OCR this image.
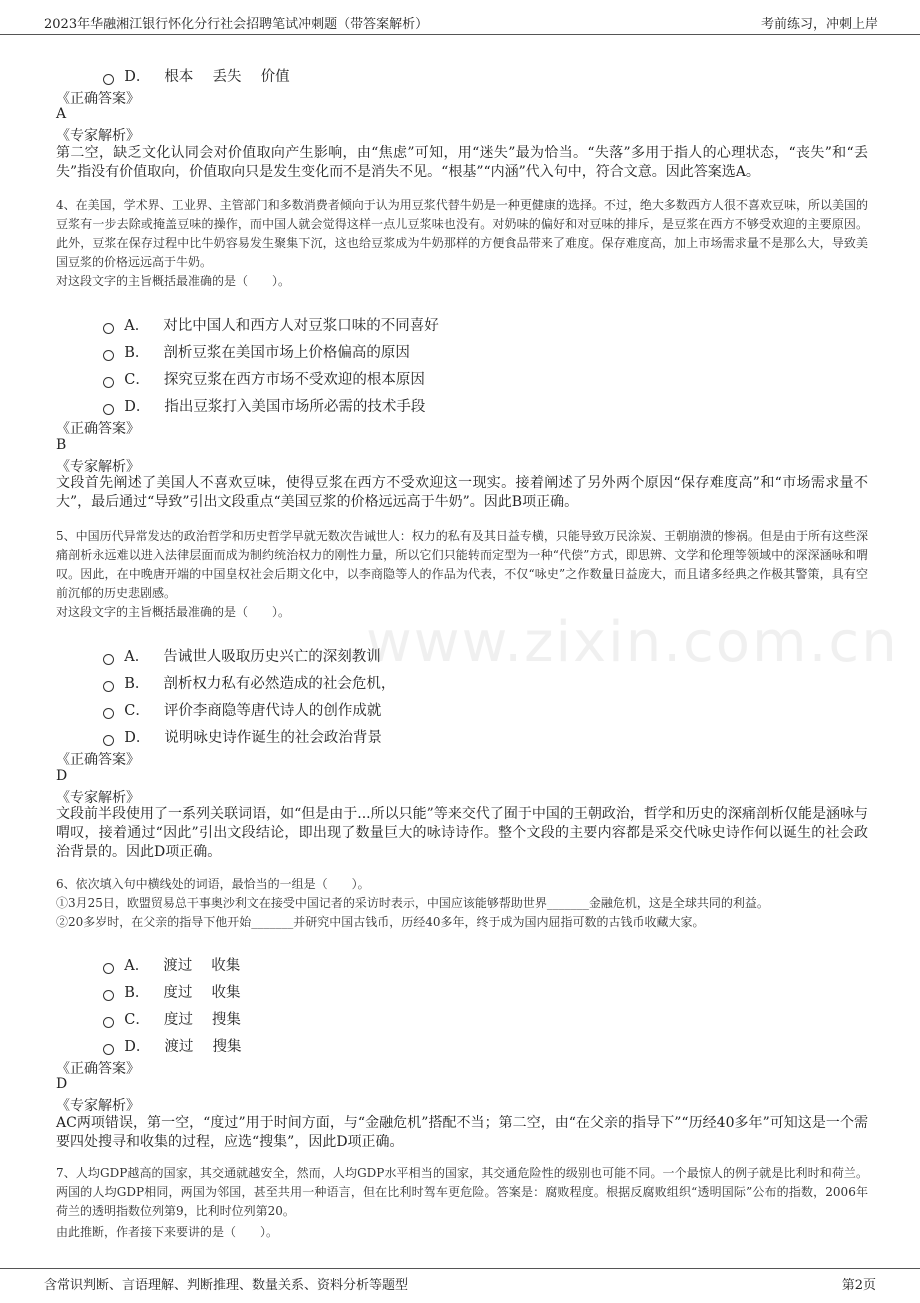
2023年华融湘江银行怀化分行社会招聘笔试冲刺题（带答案解析）	考前练习，冲刺上岸
www.zixin.com.cn

D． 根本　 丢失　 价值

《正确答案》
A
《专家解析》
第二空，缺乏文化认同会对价值取向产生影响，由“焦虑”可知，用“迷失”最为恰当。“失落”多用于指人的心理状态，“丧失”和“丢失”指没有价值取向，价值取向只是发生变化而不是消失不见。“根基”“内涵”代入句中，符合文意。因此答案选A。
4、在美国，学术界、工业界、主管部门和多数消费者倾向于认为用豆浆代替牛奶是一种更健康的选择。不过，绝大多数西方人很不喜欢豆味，所以美国的豆浆有一步去除或掩盖豆味的操作，而中国人就会觉得这样一点儿豆浆味也没有。对奶味的偏好和对豆味的排斥，是豆浆在西方不够受欢迎的主要原因。此外，豆浆在保存过程中比牛奶容易发生聚集下沉，这也给豆浆成为牛奶那样的方便食品带来了难度。保存难度高，加上市场需求量不是那么大，导致美国豆浆的价格远远高于牛奶。
对这段文字的主旨概括最准确的是（　　）。

A． 对比中国人和西方人对豆浆口味的不同喜好

B． 剖析豆浆在美国市场上价格偏高的原因

C． 探究豆浆在西方市场不受欢迎的根本原因

D． 指出豆浆打入美国市场所必需的技术手段

《正确答案》
B
《专家解析》
文段首先阐述了美国人不喜欢豆味，使得豆浆在西方不受欢迎这一现实。接着阐述了另外两个原因“保存难度高”和“市场需求量不大”，最后通过“导致”引出文段重点“美国豆浆的价格远远高于牛奶”。因此B项正确。
5、中国历代异常发达的政治哲学和历史哲学早就无数次告诫世人：权力的私有及其日益专横，只能导致万民涂炭、王朝崩溃的惨祸。但是由于所有这些深痛剖析永远难以进入法律层面而成为制约统治权力的刚性力量，所以它们只能转而定型为一种“代偿”方式，即思辨、文学和伦理等领域中的深深涵咏和喟叹。因此，在中晚唐开端的中国皇权社会后期文化中，以李商隐等人的作品为代表，不仅“咏史”之作数量日益庞大，而且诸多经典之作极其警策，具有空前沉郁的历史悲剧感。
对这段文字的主旨概括最准确的是（　　）。

A． 告诫世人吸取历史兴亡的深刻教训

B． 剖析权力私有必然造成的社会危机，

C． 评价李商隐等唐代诗人的创作成就

D． 说明咏史诗作诞生的社会政治背景

《正确答案》
D
《专家解析》
文段前半段使用了一系列关联词语，如“但是由于...所以只能”等来交代了囿于中国的王朝政治，哲学和历史的深痛剖析仅能是涵咏与喟叹，接着通过“因此”引出文段结论，即出现了数量巨大的咏诗诗作。整个文段的主要内容都是采交代咏史诗作何以诞生的社会政治背景的。因此D项正确。
6、依次填入句中横线处的词语，最恰当的一组是（　　）。
①3月25日，欧盟贸易总干事奥沙利文在接受中国记者的采访时表示，中国应该能够帮助世界_______金融危机，这是全球共同的利益。
②20多岁时，在父亲的指导下他开始_______并研究中国古钱币，历经40多年，终于成为国内屈指可数的古钱币收藏大家。

A． 渡过　 收集

B． 度过　 收集

C． 度过　 搜集

D． 渡过　 搜集

《正确答案》
D
《专家解析》
AC两项错误，第一空，“度过”用于时间方面，与“金融危机”搭配不当；第二空，由“在父亲的指导下”“历经40多年”可知这是一个需要四处搜寻和收集的过程，应选“搜集”，因此D项正确。
7、人均GDP越高的国家，其交通就越安全，然而，人均GDP水平相当的国家，其交通危险性的级别也可能不同。一个最惊人的例子就是比利时和荷兰。两国的人均GDP相同，两国为邻国，甚至共用一种语言，但在比利时驾车更危险。答案是：腐败程度。根据反腐败组织“透明国际”公布的指数，2006年荷兰的透明指数位列第9，比利时位列第20。
由此推断，作者接下来要讲的是（　　）。
含常识判断、言语理解、判断推理、数量关系、资料分析等题型	第2页
